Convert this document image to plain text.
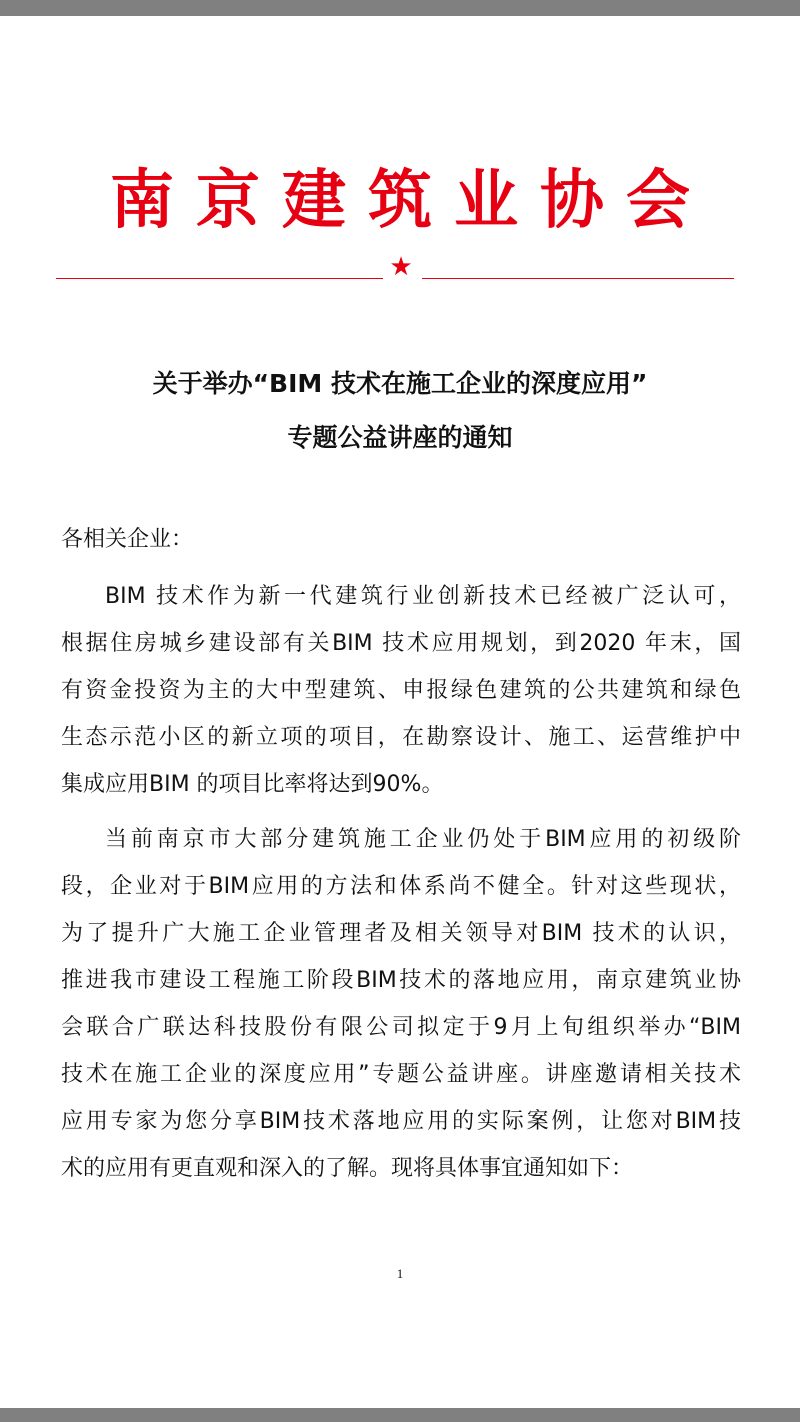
南京建筑业协会
★
关于举办“BIM 技术在施工企业的深度应用”
专题公益讲座的通知
各相关企业：
BIM 技术作为新一代建筑行业创新技术已经被广泛认可，
根据住房城乡建设部有关BIM 技术应用规划，到2020 年末，国
有资金投资为主的大中型建筑、申报绿色建筑的公共建筑和绿色
生态示范小区的新立项的项目，在勘察设计、施工、运营维护中
集成应用BIM 的项目比率将达到90%。
当前南京市大部分建筑施工企业仍处于BIM应用的初级阶
段，企业对于BIM应用的方法和体系尚不健全。针对这些现状，
为了提升广大施工企业管理者及相关领导对BIM 技术的认识，
推进我市建设工程施工阶段BIM技术的落地应用，南京建筑业协
会联合广联达科技股份有限公司拟定于9月上旬组织举办“BIM
技术在施工企业的深度应用”专题公益讲座。讲座邀请相关技术
应用专家为您分享BIM技术落地应用的实际案例，让您对BIM技
术的应用有更直观和深入的了解。现将具体事宜通知如下：
1
